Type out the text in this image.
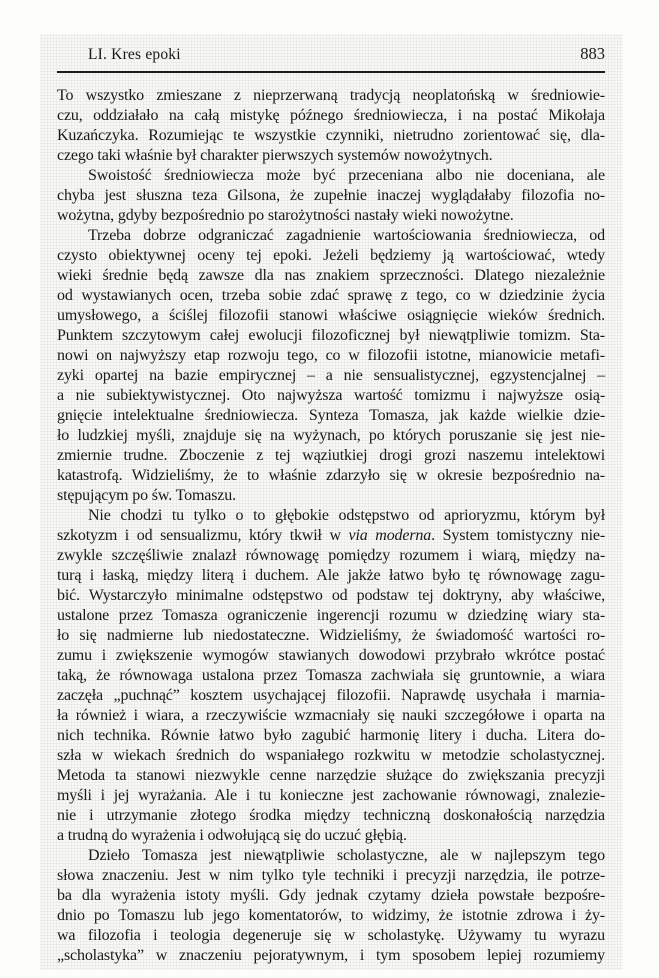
LI. Kres epoki	883
To wszystko zmieszane z nieprzerwaną tradycją neoplatońską w średniowie-
czu, oddziałało na całą mistykę późnego średniowiecza, i na postać Mikołaja
Kuzańczyka. Rozumiejąc te wszystkie czynniki, nietrudno zorientować się, dla-
czego taki właśnie był charakter pierwszych systemów nowożytnych.
Swoistość średniowiecza może być przeceniana albo nie doceniana, ale
chyba jest słuszna teza Gilsona, że zupełnie inaczej wyglądałaby filozofia no-
wożytna, gdyby bezpośrednio po starożytności nastały wieki nowożytne.
Trzeba dobrze odgraniczać zagadnienie wartościowania średniowiecza, od
czysto obiektywnej oceny tej epoki. Jeżeli będziemy ją wartościować, wtedy
wieki średnie będą zawsze dla nas znakiem sprzeczności. Dlatego niezależnie
od wystawianych ocen, trzeba sobie zdać sprawę z tego, co w dziedzinie życia
umysłowego, a ściślej filozofii stanowi właściwe osiągnięcie wieków średnich.
Punktem szczytowym całej ewolucji filozoficznej był niewątpliwie tomizm. Sta-
nowi on najwyższy etap rozwoju tego, co w filozofii istotne, mianowicie metafi-
zyki opartej na bazie empirycznej – a nie sensualistycznej, egzystencjalnej –
a nie subiektywistycznej. Oto najwyższa wartość tomizmu i najwyższe osią-
gnięcie intelektualne średniowiecza. Synteza Tomasza, jak każde wielkie dzie-
ło ludzkiej myśli, znajduje się na wyżynach, po których poruszanie się jest nie-
zmiernie trudne. Zboczenie z tej wąziutkiej drogi grozi naszemu intelektowi
katastrofą. Widzieliśmy, że to właśnie zdarzyło się w okresie bezpośrednio na-
stępującym po św. Tomaszu.
Nie chodzi tu tylko o to głębokie odstępstwo od aprioryzmu, którym był
szkotyzm i od sensualizmu, który tkwił w via moderna. System tomistyczny nie-
zwykle szczęśliwie znalazł równowagę pomiędzy rozumem i wiarą, między na-
turą i łaską, między literą i duchem. Ale jakże łatwo było tę równowagę zagu-
bić. Wystarczyło minimalne odstępstwo od podstaw tej doktryny, aby właściwe,
ustalone przez Tomasza ograniczenie ingerencji rozumu w dziedzinę wiary sta-
ło się nadmierne lub niedostateczne. Widzieliśmy, że świadomość wartości ro-
zumu i zwiększenie wymogów stawianych dowodowi przybrało wkrótce postać
taką, że równowaga ustalona przez Tomasza zachwiała się gruntownie, a wiara
zaczęła „puchnąć” kosztem usychającej filozofii. Naprawdę usychała i marnia-
ła również i wiara, a rzeczywiście wzmacniały się nauki szczegółowe i oparta na
nich technika. Równie łatwo było zagubić harmonię litery i ducha. Litera do-
szła w wiekach średnich do wspaniałego rozkwitu w metodzie scholastycznej.
Metoda ta stanowi niezwykle cenne narzędzie służące do zwiększania precyzji
myśli i jej wyrażania. Ale i tu konieczne jest zachowanie równowagi, znalezie-
nie i utrzymanie złotego środka między techniczną doskonałością narzędzia
a trudną do wyrażenia i odwołującą się do uczuć głębią.
Dzieło Tomasza jest niewątpliwie scholastyczne, ale w najlepszym tego
słowa znaczeniu. Jest w nim tylko tyle techniki i precyzji narzędzia, ile potrze-
ba dla wyrażenia istoty myśli. Gdy jednak czytamy dzieła powstałe bezpośre-
dnio po Tomaszu lub jego komentatorów, to widzimy, że istotnie zdrowa i ży-
wa filozofia i teologia degeneruje się w scholastykę. Używamy tu wyrazu
„scholastyka” w znaczeniu pejoratywnym, i tym sposobem lepiej rozumiemy
